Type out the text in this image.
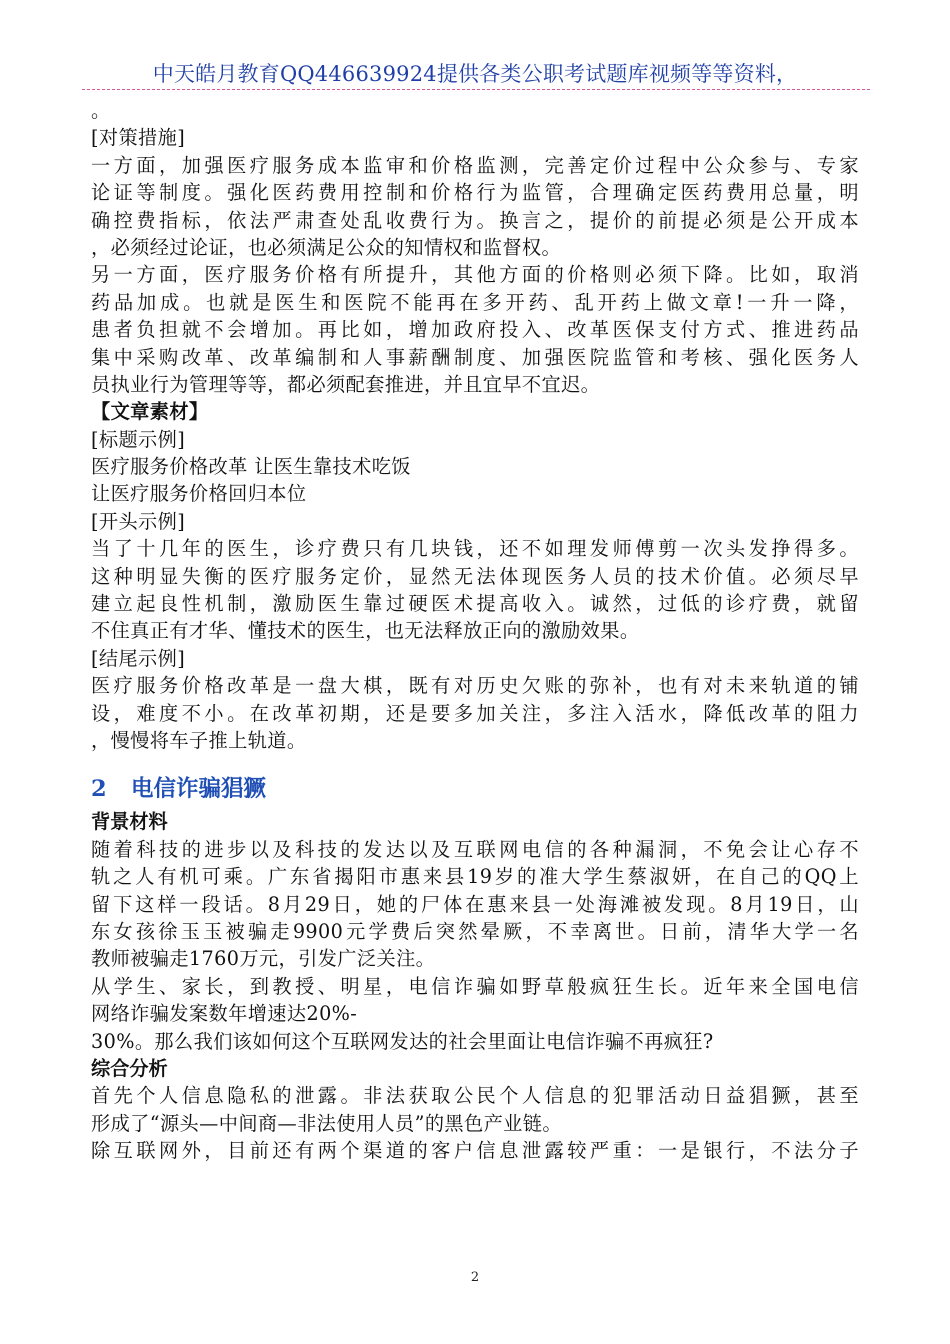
中天皓月教育QQ446639924提供各类公职考试题库视频等等资料，
。
[对策措施]
一方面，加强医疗服务成本监审和价格监测，完善定价过程中公众参与、专家
论证等制度。强化医药费用控制和价格行为监管，合理确定医药费用总量，明
确控费指标，依法严肃查处乱收费行为。换言之，提价的前提必须是公开成本
，必须经过论证，也必须满足公众的知情权和监督权。
另一方面，医疗服务价格有所提升，其他方面的价格则必须下降。比如，取消
药品加成。也就是医生和医院不能再在多开药、乱开药上做文章!一升一降，
患者负担就不会增加。再比如，增加政府投入、改革医保支付方式、推进药品
集中采购改革、改革编制和人事薪酬制度、加强医院监管和考核、强化医务人
员执业行为管理等等，都必须配套推进，并且宜早不宜迟。
【文章素材】
[标题示例]
医疗服务价格改革 让医生靠技术吃饭
让医疗服务价格回归本位
[开头示例]
当了十几年的医生，诊疗费只有几块钱，还不如理发师傅剪一次头发挣得多。
这种明显失衡的医疗服务定价，显然无法体现医务人员的技术价值。必须尽早
建立起良性机制，激励医生靠过硬医术提高收入。诚然，过低的诊疗费，就留
不住真正有才华、懂技术的医生，也无法释放正向的激励效果。
[结尾示例]
医疗服务价格改革是一盘大棋，既有对历史欠账的弥补，也有对未来轨道的铺
设，难度不小。在改革初期，还是要多加关注，多注入活水，降低改革的阻力
，慢慢将车子推上轨道。
2 电信诈骗猖獗
背景材料
随着科技的进步以及科技的发达以及互联网电信的各种漏洞，不免会让心存不
轨之人有机可乘。广东省揭阳市惠来县19岁的准大学生蔡淑妍，在自己的QQ上
留下这样一段话。8月29日，她的尸体在惠来县一处海滩被发现。8月19日，山
东女孩徐玉玉被骗走9900元学费后突然晕厥，不幸离世。日前，清华大学一名
教师被骗走1760万元，引发广泛关注。
从学生、家长，到教授、明星，电信诈骗如野草般疯狂生长。近年来全国电信
网络诈骗发案数年增速达20%-
30%。那么我们该如何这个互联网发达的社会里面让电信诈骗不再疯狂?
综合分析
首先个人信息隐私的泄露。非法获取公民个人信息的犯罪活动日益猖獗，甚至
形成了“源头—中间商—非法使用人员”的黑色产业链。
除互联网外，目前还有两个渠道的客户信息泄露较严重：一是银行，不法分子
2
